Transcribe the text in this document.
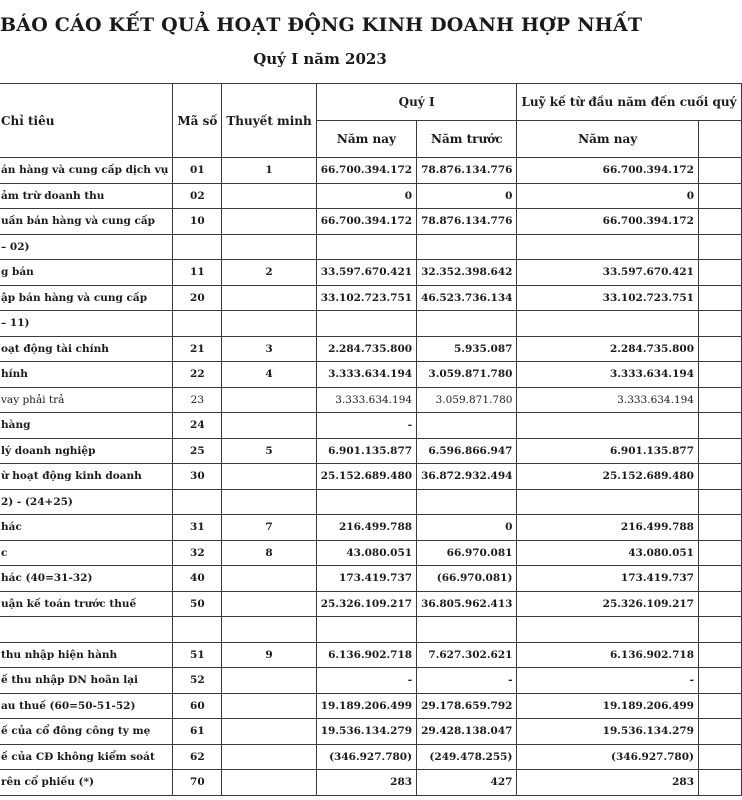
BÁO CÁO KẾT QUẢ HOẠT ĐỘNG KINH DOANH HỢP NHẤT
Quý I năm 2023
Chỉ tiêu	Mã số	Thuyết minh	Quý I		Luỹ kế từ đầu năm đến cuối quý	
			Năm nay	Năm trước	Năm nay	
án hàng và cung cấp dịch vụ	01	1	66.700.394.172	78.876.134.776	66.700.394.172	
ảm trừ doanh thu	02		0	0	0	
uần bán hàng và cung cấp	10		66.700.394.172	78.876.134.776	66.700.394.172	
– 02)						
g bán	11	2	33.597.670.421	32.352.398.642	33.597.670.421	
ập bán hàng và cung cấp	20		33.102.723.751	46.523.736.134	33.102.723.751	
– 11)						
oạt động tài chính	21	3	2.284.735.800	5.935.087	2.284.735.800	
hính	22	4	3.333.634.194	3.059.871.780	3.333.634.194	
vay phải trả	23		3.333.634.194	3.059.871.780	3.333.634.194	
hàng	24		-			
lý doanh nghiệp	25	5	6.901.135.877	6.596.866.947	6.901.135.877	
ừ hoạt động kinh doanh	30		25.152.689.480	36.872.932.494	25.152.689.480	
2) - (24+25)						
hác	31	7	216.499.788	0	216.499.788	
c	32	8	43.080.051	66.970.081	43.080.051	
hác (40=31-32)	40		173.419.737	(66.970.081)	173.419.737	
uận kế toán trước thuế	50		25.326.109.217	36.805.962.413	25.326.109.217	

thu nhập hiện hành	51	9	6.136.902.718	7.627.302.621	6.136.902.718	
ế thu nhập DN hoãn lại	52		-	-	-	
au thuế (60=50-51-52)	60		19.189.206.499	29.178.659.792	19.189.206.499	
ế của cổ đông công ty mẹ	61		19.536.134.279	29.428.138.047	19.536.134.279	
ế của CĐ không kiểm soát	62		(346.927.780)	(249.478.255)	(346.927.780)	
rên cổ phiếu (*)	70		283	427	283	
